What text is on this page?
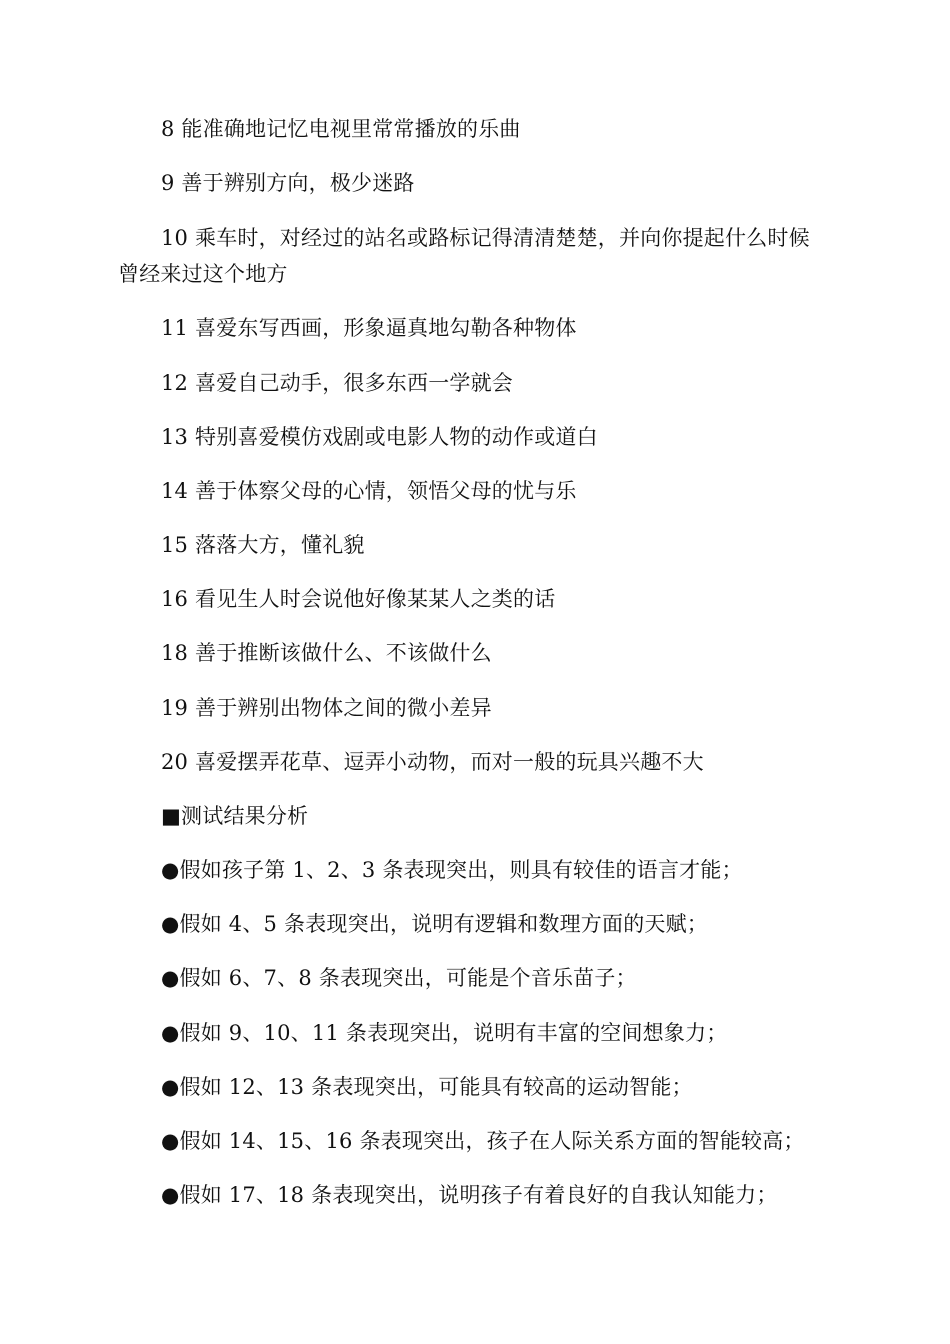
8 能准确地记忆电视里常常播放的乐曲

9 善于辨别方向，极少迷路

10 乘车时，对经过的站名或路标记得清清楚楚，并向你提起什么时候曾经来过这个地方

11 喜爱东写西画，形象逼真地勾勒各种物体

12 喜爱自己动手，很多东西一学就会

13 特别喜爱模仿戏剧或电影人物的动作或道白

14 善于体察父母的心情，领悟父母的忧与乐

15 落落大方，懂礼貌

16 看见生人时会说他好像某某人之类的话

18 善于推断该做什么、不该做什么

19 善于辨别出物体之间的微小差异

20 喜爱摆弄花草、逗弄小动物，而对一般的玩具兴趣不大

■测试结果分析

●假如孩子第 1、2、3 条表现突出，则具有较佳的语言才能；

●假如 4、5 条表现突出，说明有逻辑和数理方面的天赋；

●假如 6、7、8 条表现突出，可能是个音乐苗子；

●假如 9、10、11 条表现突出，说明有丰富的空间想象力；

●假如 12、13 条表现突出，可能具有较高的运动智能；

●假如 14、15、16 条表现突出，孩子在人际关系方面的智能较高；

●假如 17、18 条表现突出，说明孩子有着良好的自我认知能力；
